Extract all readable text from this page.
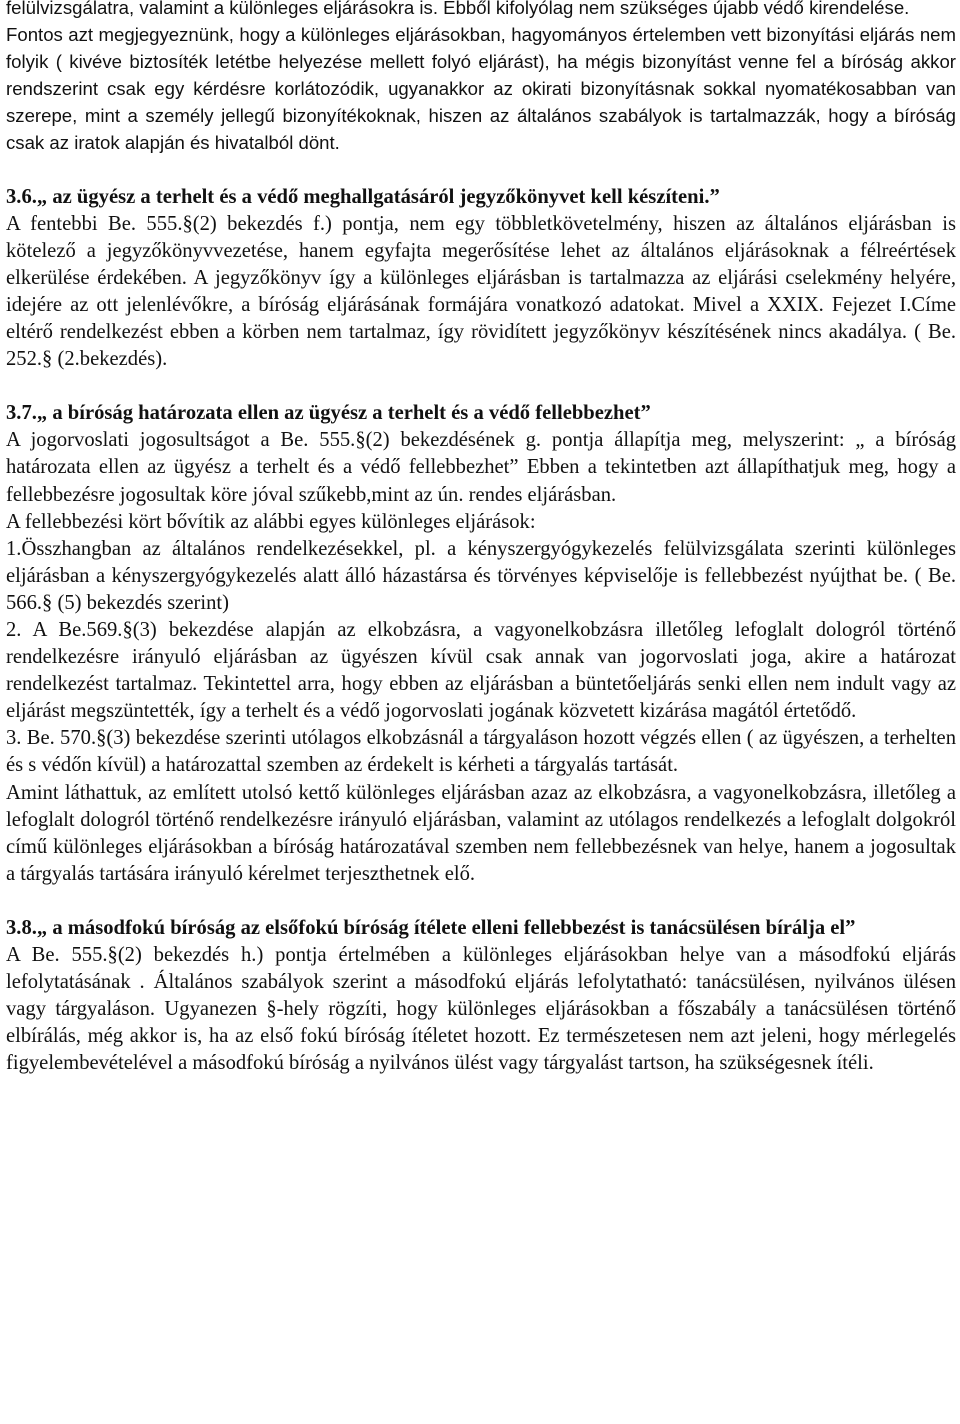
felülvizsgálatra, valamint a különleges eljárásokra is. Ebből kifolyólag nem szükséges újabb védő kirendelése.

Fontos azt megjegyeznünk, hogy a különleges eljárásokban, hagyományos értelemben vett bizonyítási eljárás nem folyik ( kivéve biztosíték letétbe helyezése mellett folyó eljárást), ha mégis bizonyítást venne fel a bíróság akkor rendszerint csak egy kérdésre korlátozódik, ugyanakkor az okirati bizonyításnak sokkal nyomatékosabban van szerepe, mint a személy jellegű bizonyítékoknak, hiszen az általános szabályok is tartalmazzák, hogy a bíróság csak az iratok alapján és hivatalból dönt.

3.6.„ az ügyész a terhelt és a védő meghallgatásáról jegyzőkönyvet kell készíteni.”

A fentebbi Be. 555.§(2) bekezdés f.) pontja, nem egy többletkövetelmény, hiszen az általános eljárásban is kötelező a jegyzőkönyvvezetése, hanem egyfajta megerősítése lehet az általános eljárásoknak a félreértések elkerülése érdekében. A jegyzőkönyv így a különleges eljárásban is tartalmazza az eljárási cselekmény helyére, idejére az ott jelenlévőkre, a bíróság eljárásának formájára vonatkozó adatokat. Mivel a XXIX. Fejezet I.Címe eltérő rendelkezést ebben a körben nem tartalmaz, így rövidített jegyzőkönyv készítésének nincs akadálya. ( Be. 252.§ (2.bekezdés).

3.7.„ a bíróság határozata ellen az ügyész a terhelt és a védő fellebbezhet”

A jogorvoslati jogosultságot a Be. 555.§(2) bekezdésének g. pontja állapítja meg, melyszerint: „ a bíróság határozata ellen az ügyész a terhelt és a védő fellebbezhet” Ebben a tekintetben azt állapíthatjuk meg, hogy a fellebbezésre jogosultak köre jóval szűkebb,mint az ún. rendes eljárásban.

A fellebbezési kört bővítik az alábbi egyes különleges eljárások:

1.Összhangban az általános rendelkezésekkel, pl. a kényszergyógykezelés felülvizsgálata szerinti különleges eljárásban a kényszergyógykezelés alatt álló házastársa és törvényes képviselője is fellebbezést nyújthat be. ( Be. 566.§ (5) bekezdés szerint)

2. A Be.569.§(3) bekezdése alapján az elkobzásra, a vagyonelkobzásra illetőleg lefoglalt dologról történő rendelkezésre irányuló eljárásban az ügyészen kívül csak annak van jogorvoslati joga, akire a határozat rendelkezést tartalmaz. Tekintettel arra, hogy ebben az eljárásban a büntetőeljárás senki ellen nem indult vagy az eljárást megszüntették, így a terhelt és a védő jogorvoslati jogának közvetett kizárása magától értetődő.

3. Be. 570.§(3) bekezdése szerinti utólagos elkobzásnál a tárgyaláson hozott végzés ellen ( az ügyészen, a terhelten és s védőn kívül) a határozattal szemben az érdekelt is kérheti a tárgyalás tartását.

Amint láthattuk, az említett utolsó kettő különleges eljárásban azaz az elkobzásra, a vagyonelkobzásra, illetőleg a lefoglalt dologról történő rendelkezésre irányuló eljárásban, valamint az utólagos rendelkezés a lefoglalt dolgokról című különleges eljárásokban a bíróság határozatával szemben nem fellebbezésnek van helye, hanem a jogosultak a tárgyalás tartására irányuló kérelmet terjeszthetnek elő.

3.8.„ a másodfokú bíróság az elsőfokú bíróság ítélete elleni fellebbezést is tanácsülésen bírálja el”

A Be. 555.§(2) bekezdés h.) pontja értelmében a különleges eljárásokban helye van a másodfokú eljárás lefolytatásának . Általános szabályok szerint a másodfokú eljárás lefolytatható: tanácsülésen, nyilvános ülésen vagy tárgyaláson. Ugyanezen §-hely rögzíti, hogy különleges eljárásokban a főszabály a tanácsülésen történő elbírálás, még akkor is, ha az első fokú bíróság ítéletet hozott. Ez természetesen nem azt jeleni, hogy mérlegelés figyelembevételével a másodfokú bíróság a nyilvános ülést vagy tárgyalást tartson, ha szükségesnek ítéli.
